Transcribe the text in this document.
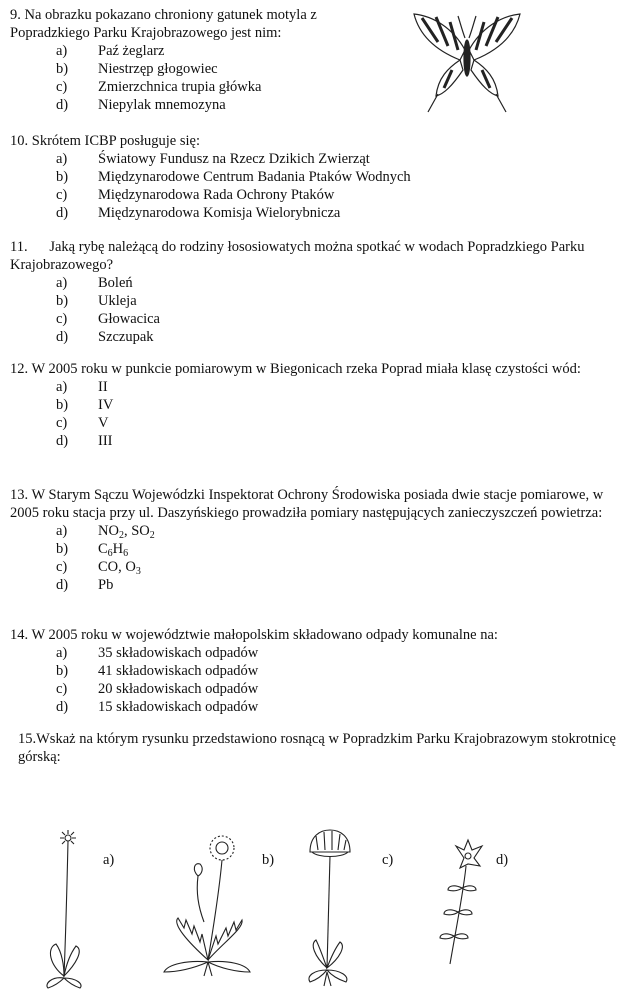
9. Na obrazku pokazano chroniony gatunek motyla z Popradzkiego Parku Krajobrazowego jest nim:
a) Paź żeglarz
b) Niestrzęp głogowiec
c) Zmierzchnica trupia główka
d) Niepylak mnemozyna
10. Skrótem ICBP posługuje się:
a) Światowy Fundusz na Rzecz Dzikich Zwierząt
b) Międzynarodowe Centrum Badania Ptaków Wodnych
c) Międzynarodowa Rada Ochrony Ptaków
d) Międzynarodowa Komisja Wielorybnicza
11.      Jaką rybę należącą do rodziny łososiowatych można spotkać w wodach Popradzkiego Parku Krajobrazowego?
a) Boleń
b) Ukleja
c) Głowacica
d) Szczupak
12. W 2005 roku w punkcie pomiarowym w Biegonicach rzeka Poprad miała klasę czystości wód:
a) II
b) IV
c) V
d) III
13. W Starym Sączu Wojewódzki Inspektorat Ochrony Środowiska posiada dwie stacje pomiarowe, w 2005 roku stacja przy ul. Daszyńskiego prowadziła pomiary następujących zanieczyszczeń powietrza:
a) $NO_2$, $SO_2$
b) $C_6H_6$
c) CO, $O_3$
d) Pb
14. W 2005 roku w województwie małopolskim składowano odpady komunalne na:
a) 35 składowiskach odpadów
b) 41 składowiskach odpadów
c) 20 składowiskach odpadów
d) 15 składowiskach odpadów
15.Wskaż na którym rysunku przedstawiono rosnącą w Popradzkim Parku Krajobrazowym stokrotnicę górską:
a)	b)	c)	d)
